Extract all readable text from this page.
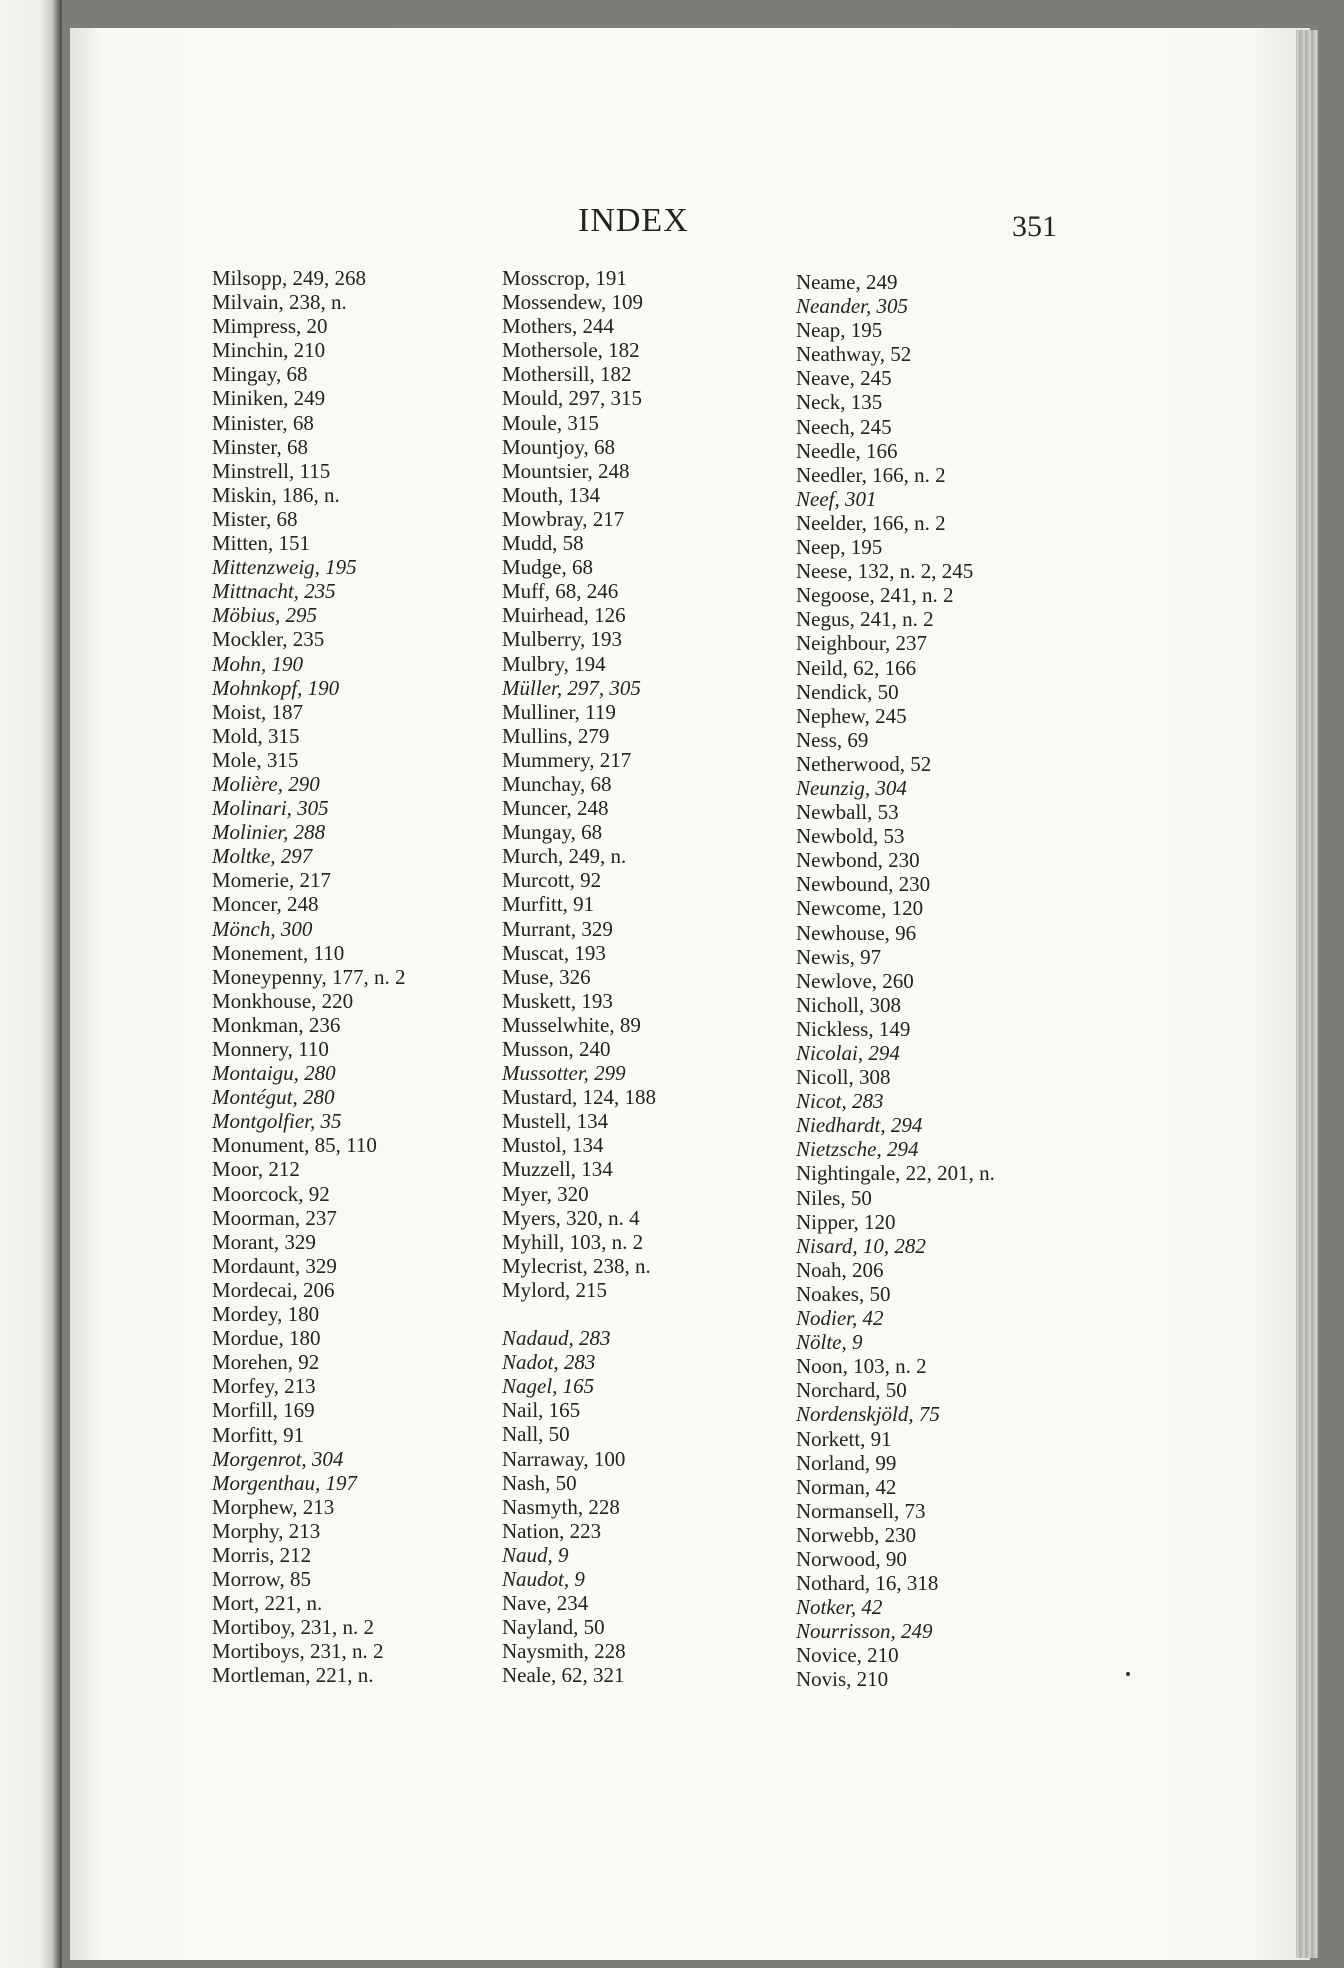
INDEX	351
Milsopp, 249, 268
Milvain, 238, n.
Mimpress, 20
Minchin, 210
Mingay, 68
Miniken, 249
Minister, 68
Minster, 68
Minstrell, 115
Miskin, 186, n.
Mister, 68
Mitten, 151
Mittenzweig, 195
Mittnacht, 235
Möbius, 295
Mockler, 235
Mohn, 190
Mohnkopf, 190
Moist, 187
Mold, 315
Mole, 315
Molière, 290
Molinari, 305
Molinier, 288
Moltke, 297
Momerie, 217
Moncer, 248
Mönch, 300
Monement, 110
Moneypenny, 177, n. 2
Monkhouse, 220
Monkman, 236
Monnery, 110
Montaigu, 280
Montégut, 280
Montgolfier, 35
Monument, 85, 110
Moor, 212
Moorcock, 92
Moorman, 237
Morant, 329
Mordaunt, 329
Mordecai, 206
Mordey, 180
Mordue, 180
Morehen, 92
Morfey, 213
Morfill, 169
Morfitt, 91
Morgenrot, 304
Morgenthau, 197
Morphew, 213
Morphy, 213
Morris, 212
Morrow, 85
Mort, 221, n.
Mortiboy, 231, n. 2
Mortiboys, 231, n. 2
Mortleman, 221, n.
Mosscrop, 191
Mossendew, 109
Mothers, 244
Mothersole, 182
Mothersill, 182
Mould, 297, 315
Moule, 315
Mountjoy, 68
Mountsier, 248
Mouth, 134
Mowbray, 217
Mudd, 58
Mudge, 68
Muff, 68, 246
Muirhead, 126
Mulberry, 193
Mulbry, 194
Müller, 297, 305
Mulliner, 119
Mullins, 279
Mummery, 217
Munchay, 68
Muncer, 248
Mungay, 68
Murch, 249, n.
Murcott, 92
Murfitt, 91
Murrant, 329
Muscat, 193
Muse, 326
Muskett, 193
Musselwhite, 89
Musson, 240
Mussotter, 299
Mustard, 124, 188
Mustell, 134
Mustol, 134
Muzzell, 134
Myer, 320
Myers, 320, n. 4
Myhill, 103, n. 2
Mylecrist, 238, n.
Mylord, 215
Nadaud, 283
Nadot, 283
Nagel, 165
Nail, 165
Nall, 50
Narraway, 100
Nash, 50
Nasmyth, 228
Nation, 223
Naud, 9
Naudot, 9
Nave, 234
Nayland, 50
Naysmith, 228
Neale, 62, 321
Neame, 249
Neander, 305
Neap, 195
Neathway, 52
Neave, 245
Neck, 135
Neech, 245
Needle, 166
Needler, 166, n. 2
Neef, 301
Neelder, 166, n. 2
Neep, 195
Neese, 132, n. 2, 245
Negoose, 241, n. 2
Negus, 241, n. 2
Neighbour, 237
Neild, 62, 166
Nendick, 50
Nephew, 245
Ness, 69
Netherwood, 52
Neunzig, 304
Newball, 53
Newbold, 53
Newbond, 230
Newbound, 230
Newcome, 120
Newhouse, 96
Newis, 97
Newlove, 260
Nicholl, 308
Nickless, 149
Nicolai, 294
Nicoll, 308
Nicot, 283
Niedhardt, 294
Nietzsche, 294
Nightingale, 22, 201, n.
Niles, 50
Nipper, 120
Nisard, 10, 282
Noah, 206
Noakes, 50
Nodier, 42
Nölte, 9
Noon, 103, n. 2
Norchard, 50
Nordenskjöld, 75
Norkett, 91
Norland, 99
Norman, 42
Normansell, 73
Norwebb, 230
Norwood, 90
Nothard, 16, 318
Notker, 42
Nourrisson, 249
Novice, 210
Novis, 210
